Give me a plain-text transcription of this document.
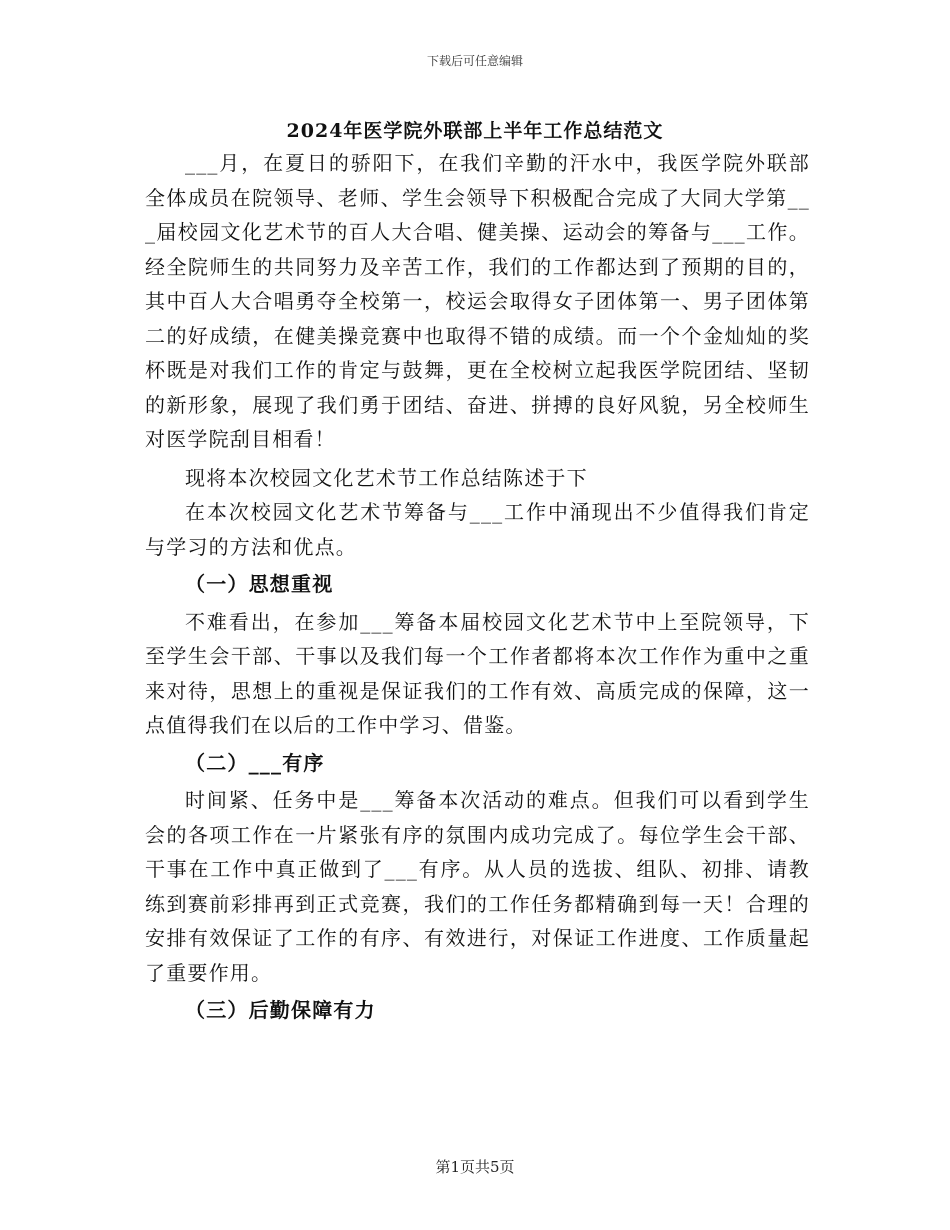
下载后可任意编辑
2024年医学院外联部上半年工作总结范文

___月，在夏日的骄阳下，在我们辛勤的汗水中，我医学院外联部全体成员在院领导、老师、学生会领导下积极配合完成了大同大学第___届校园文化艺术节的百人大合唱、健美操、运动会的筹备与___工作。经全院师生的共同努力及辛苦工作，我们的工作都达到了预期的目的，其中百人大合唱勇夺全校第一，校运会取得女子团体第一、男子团体第二的好成绩，在健美操竞赛中也取得不错的成绩。而一个个金灿灿的奖杯既是对我们工作的肯定与鼓舞，更在全校树立起我医学院团结、坚韧的新形象，展现了我们勇于团结、奋进、拼搏的良好风貌，另全校师生对医学院刮目相看！

现将本次校园文化艺术节工作总结陈述于下

在本次校园文化艺术节筹备与___工作中涌现出不少值得我们肯定与学习的方法和优点。

（一）思想重视

不难看出，在参加___筹备本届校园文化艺术节中上至院领导，下至学生会干部、干事以及我们每一个工作者都将本次工作作为重中之重来对待，思想上的重视是保证我们的工作有效、高质完成的保障，这一点值得我们在以后的工作中学习、借鉴。

（二）___有序

时间紧、任务中是___筹备本次活动的难点。但我们可以看到学生会的各项工作在一片紧张有序的氛围内成功完成了。每位学生会干部、干事在工作中真正做到了___有序。从人员的选拔、组队、初排、请教练到赛前彩排再到正式竞赛，我们的工作任务都精确到每一天！合理的安排有效保证了工作的有序、有效进行，对保证工作进度、工作质量起了重要作用。

（三）后勤保障有力
第1页共5页
